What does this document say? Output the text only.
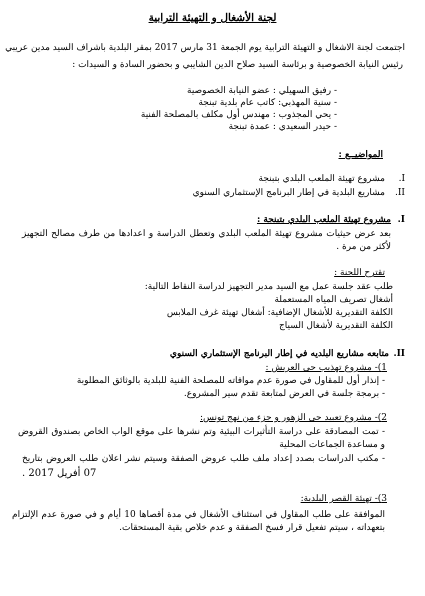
لجنة الأشغال و التهيئة الترابية
اجتمعت لجنة الاشغال و التهيئة الترابية يوم الجمعة 31 مارس 2017 بمقر البلدية باشراف السيد مدين عريبي
رئيس النيابة الخصوصية و برئاسة السيد صلاح الدين الشايبي و بحضور السادة و السيدات :
- رفيق السهيلي : عضو النيابة الخصوصية
- سنية المهذبي: كاتب عام بلدية تبنجة
- يحي المجذوب : مهندس أول مكلف بالمصلحة الفنية
- حيدر السعيدي : عمدة تبنجة
المواضيــع :
I.
مشروع تهيئة الملعب البلدي بتبنجة
II.
مشاريع البلدية في إطار البرنامج الإستثماري السنوي
I.
مشروع تهيئة الملعب البلدي بتبنجة :
بعد عرض حيثيات مشروع تهيئة الملعب البلدي وتعطل الدراسة و اعدادها من طرف مصالح التجهيز
لأكثر من مرة .
تقترح اللجنة :
طلب عقد جلسة عمل مع السيد مدير التجهيز لدراسة النقاط التالية:
أشغال تصريف المياه المستعملة
الكلفة التقديرية للأشغال الإضافية: أشغال تهيئة غرف الملابس
الكلفة التقديرية لأشغال السياج
II.
متابعه مشاريع البلديه في إطار البرنامج الإستثماري السنوي
1)- مشروع تهذيب حي العريش :
- إنذار أول للمقاول في صورة عدم موافاته للمصلحة الفنية للبلدية بالوثائق المطلوبة
- برمجة جلسة في العرض لمتابعة تقدم سير المشروع.
2)- مشروع تعبيد حي الزهور و جزء من نهج تونس:
- تمت المصادقة على دراسة التأثيرات البيئية وتم نشرها على موقع الواب الخاص بصندوق القروض
و مساعدة الجماعات المحلية
- مكتب الدراسات بصدد إعداد ملف طلب عروض الصفقة وسيتم نشر اعلان طلب العروض بتاريخ
07 أفريل 2017 .
3)- تهيئة القصر البلدية:
الموافقة على طلب المقاول في استئناف الأشغال في مدة أقصاها 10 أيام و في صورة عدم الإلتزام
بتعهداته ، سيتم تفعيل قرار فسخ الصفقة و عدم خلاص بقية المستحقات.
